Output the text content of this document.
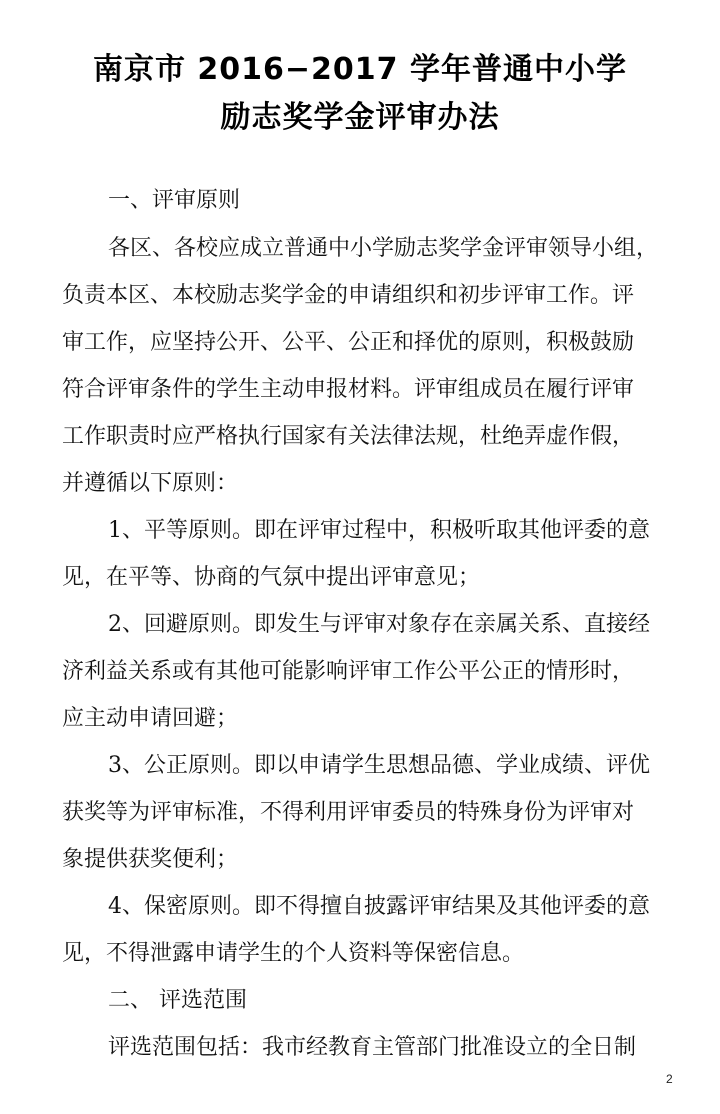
南京市 2016−2017 学年普通中小学
励志奖学金评审办法
一、评审原则
各区、各校应成立普通中小学励志奖学金评审领导小组，
负责本区、本校励志奖学金的申请组织和初步评审工作。评
审工作，应坚持公开、公平、公正和择优的原则，积极鼓励
符合评审条件的学生主动申报材料。评审组成员在履行评审
工作职责时应严格执行国家有关法律法规，杜绝弄虚作假，
并遵循以下原则：
1、平等原则。即在评审过程中，积极听取其他评委的意
见，在平等、协商的气氛中提出评审意见；
2、回避原则。即发生与评审对象存在亲属关系、直接经
济利益关系或有其他可能影响评审工作公平公正的情形时，
应主动申请回避；
3、公正原则。即以申请学生思想品德、学业成绩、评优
获奖等为评审标准，不得利用评审委员的特殊身份为评审对
象提供获奖便利；
4、保密原则。即不得擅自披露评审结果及其他评委的意
见，不得泄露申请学生的个人资料等保密信息。
二、 评选范围
评选范围包括：我市经教育主管部门批准设立的全日制
2
